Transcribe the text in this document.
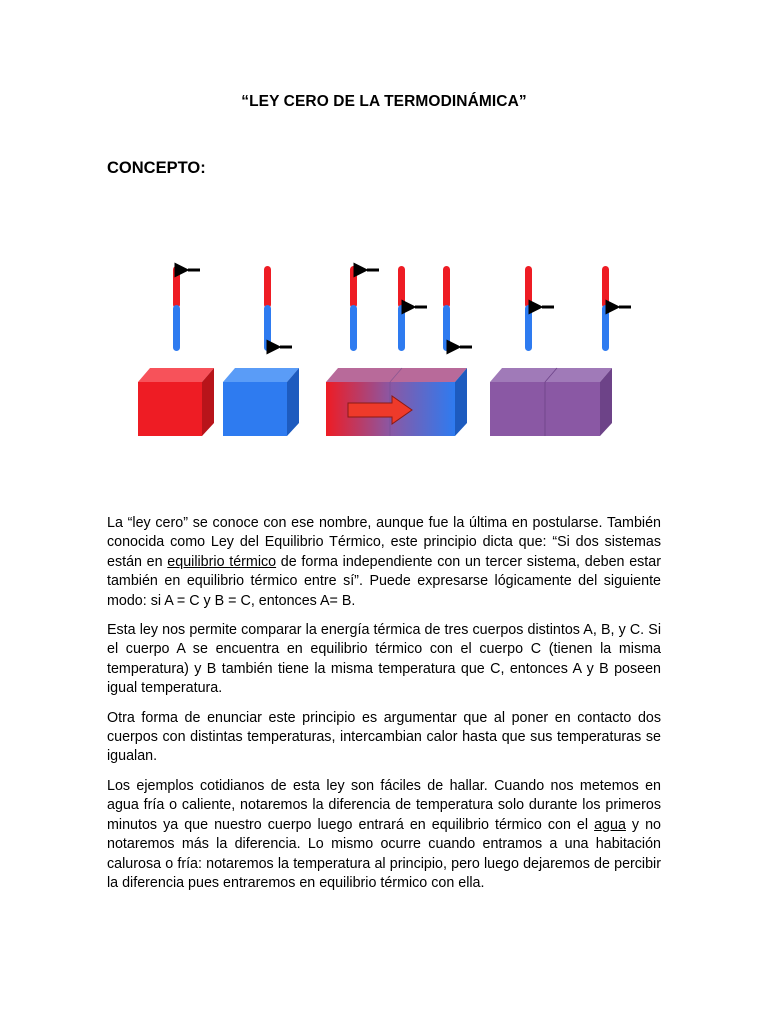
“LEY CERO DE LA TERMODINÁMICA”
CONCEPTO:

La “ley cero” se conoce con ese nombre, aunque fue la última en postularse. También conocida como Ley del Equilibrio Térmico, este principio dicta que: “Si dos sistemas están en equilibrio térmico de forma independiente con un tercer sistema, deben estar también en equilibrio térmico entre sí”. Puede expresarse lógicamente del siguiente modo: si A = C y B = C, entonces A= B.

Esta ley nos permite comparar la energía térmica de tres cuerpos distintos A, B, y C. Si el cuerpo A se encuentra en equilibrio térmico con el cuerpo C (tienen la misma temperatura) y B también tiene la misma temperatura que C, entonces A y B poseen igual temperatura.

Otra forma de enunciar este principio es argumentar que al poner en contacto dos cuerpos con distintas temperaturas, intercambian calor hasta que sus temperaturas se igualan.

Los ejemplos cotidianos de esta ley son fáciles de hallar. Cuando nos metemos en agua fría o caliente, notaremos la diferencia de temperatura solo durante los primeros minutos ya que nuestro cuerpo luego entrará en equilibrio térmico con el agua y no notaremos más la diferencia. Lo mismo ocurre cuando entramos a una habitación calurosa o fría: notaremos la temperatura al principio, pero luego dejaremos de percibir la diferencia pues entraremos en equilibrio térmico con ella.
